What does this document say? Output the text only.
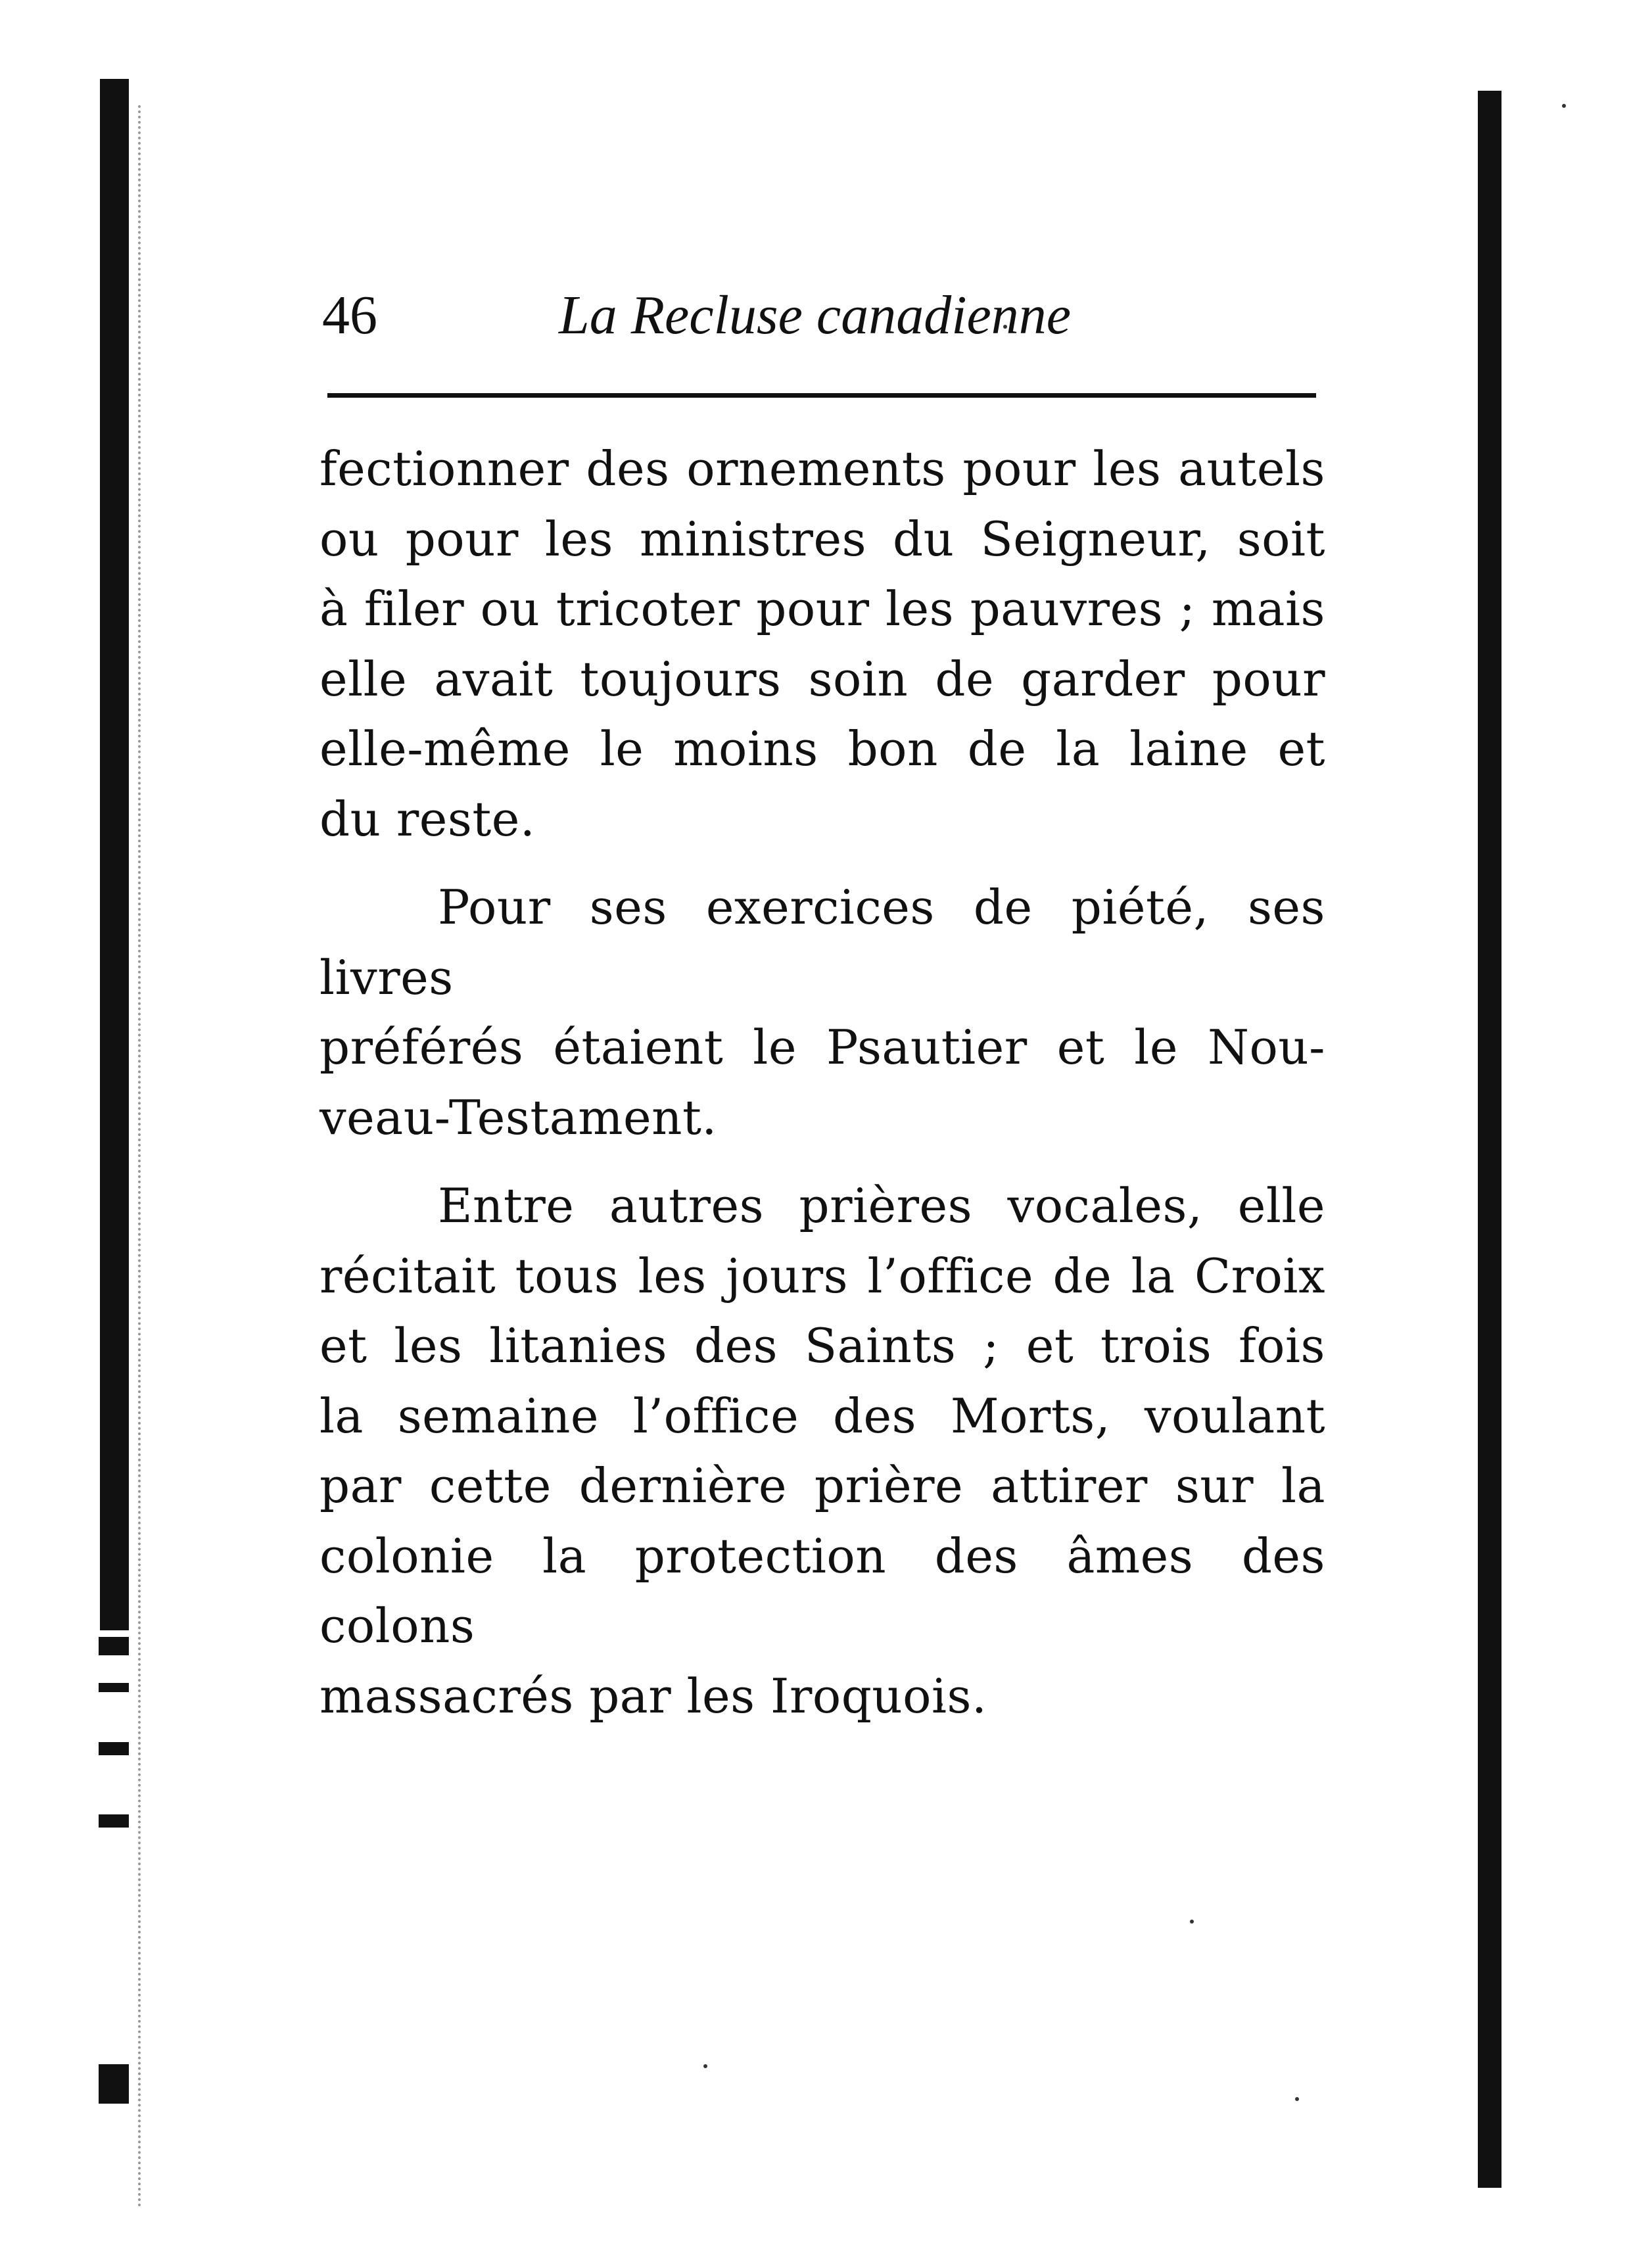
46	La Recluse canadienne

fectionner des ornements pour les autels
ou pour les ministres du Seigneur, soit
à filer ou tricoter pour les pauvres ; mais
elle avait toujours soin de garder pour
elle-même le moins bon de la laine et
du reste.

Pour ses exercices de piété, ses livres
préférés étaient le Psautier et le Nou-
veau-Testament.

Entre autres prières vocales, elle
récitait tous les jours l’office de la Croix
et les litanies des Saints ; et trois fois
la semaine l’office des Morts, voulant
par cette dernière prière attirer sur la
colonie la protection des âmes des colons
massacrés par les Iroquois.
